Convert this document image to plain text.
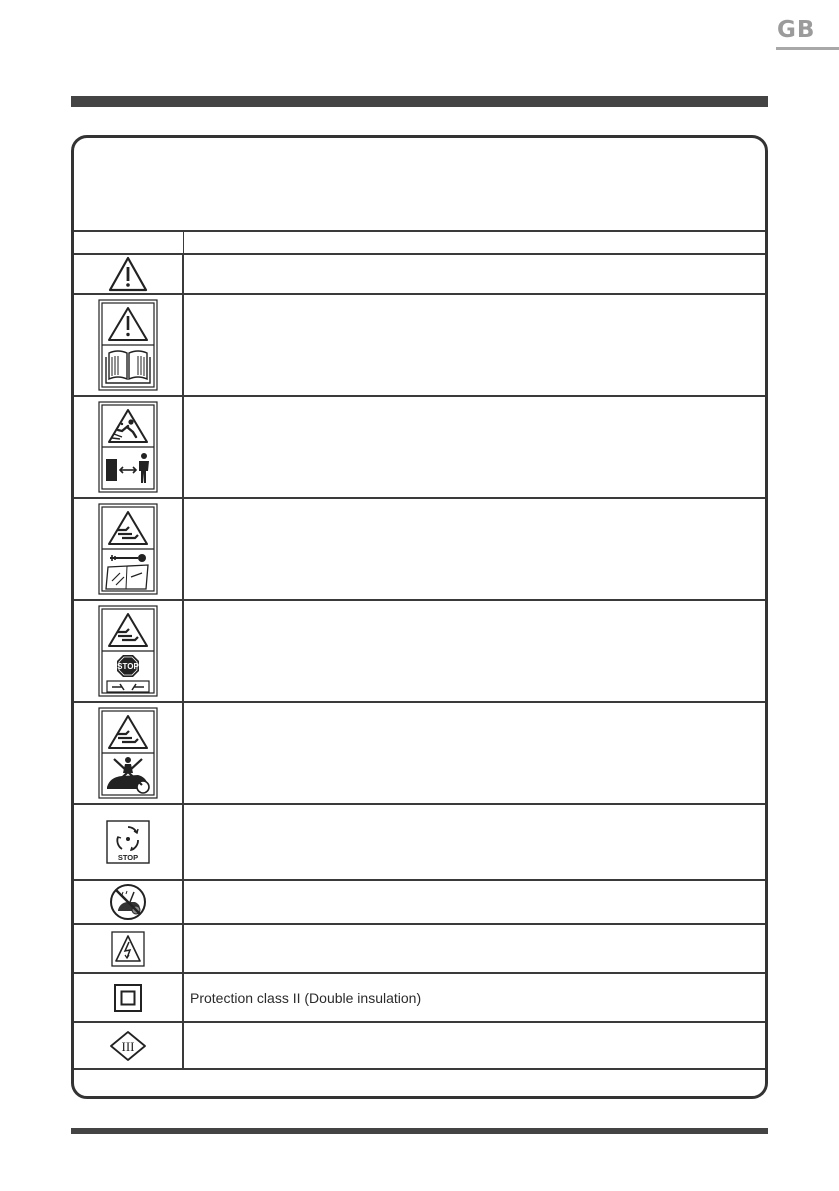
GB
STOP
STOP
Protection class II (Double insulation)
III
